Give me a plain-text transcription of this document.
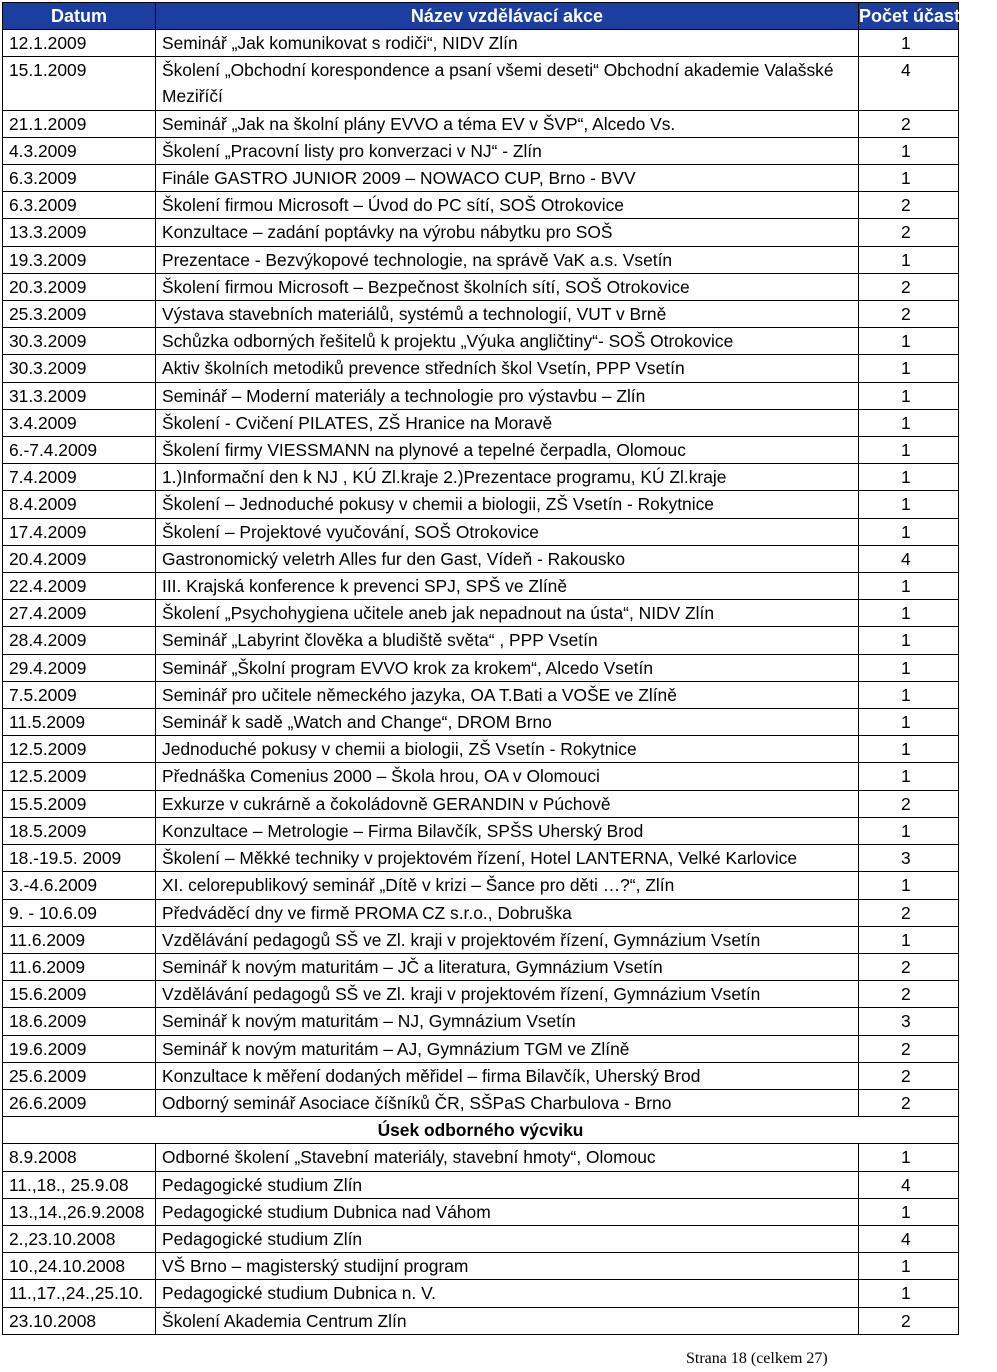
Datum	Název vzdělávací akce	Počet účastníků
12.1.2009	Seminář „Jak komunikovat s rodiči“, NIDV Zlín	1
15.1.2009	Školení „Obchodní korespondence a psaní všemi deseti“ Obchodní akademie Valašské Meziříčí	4
21.1.2009	Seminář „Jak na školní plány EVVO a téma EV v ŠVP“, Alcedo Vs.	2
4.3.2009	Školení „Pracovní listy pro konverzaci v NJ“ - Zlín	1
6.3.2009	Finále GASTRO JUNIOR 2009 – NOWACO CUP, Brno - BVV	1
6.3.2009	Školení firmou Microsoft – Úvod do PC sítí, SOŠ Otrokovice	2
13.3.2009	Konzultace – zadání poptávky na výrobu nábytku pro SOŠ	2
19.3.2009	Prezentace - Bezvýkopové technologie, na správě VaK a.s. Vsetín	1
20.3.2009	Školení firmou Microsoft – Bezpečnost školních sítí, SOŠ Otrokovice	2
25.3.2009	Výstava stavebních materiálů, systémů a technologií, VUT v Brně	2
30.3.2009	Schůzka odborných řešitelů k projektu „Výuka angličtiny“- SOŠ Otrokovice	1
30.3.2009	Aktiv školních metodiků prevence středních škol Vsetín, PPP Vsetín	1
31.3.2009	Seminář – Moderní materiály a technologie pro výstavbu – Zlín	1
3.4.2009	Školení - Cvičení PILATES, ZŠ Hranice na Moravě	1
6.-7.4.2009	Školení firmy VIESSMANN na plynové a tepelné čerpadla, Olomouc	1
7.4.2009	1.)Informační den k NJ , KÚ Zl.kraje 2.)Prezentace programu, KÚ Zl.kraje	1
8.4.2009	Školení – Jednoduché pokusy v chemii a biologii, ZŠ Vsetín - Rokytnice	1
17.4.2009	Školení – Projektové vyučování, SOŠ Otrokovice	1
20.4.2009	Gastronomický veletrh Alles fur den Gast, Vídeň - Rakousko	4
22.4.2009	III. Krajská konference k prevenci SPJ, SPŠ ve Zlíně	1
27.4.2009	Školení „Psychohygiena učitele aneb jak nepadnout na ústa“, NIDV Zlín	1
28.4.2009	Seminář „Labyrint člověka a bludiště světa“ , PPP Vsetín	1
29.4.2009	Seminář „Školní program EVVO krok za krokem“, Alcedo Vsetín	1
7.5.2009	Seminář pro učitele německého jazyka, OA T.Bati a VOŠE ve Zlíně	1
11.5.2009	Seminář k sadě „Watch and Change“, DROM Brno	1
12.5.2009	Jednoduché pokusy v chemii a biologii, ZŠ Vsetín - Rokytnice	1
12.5.2009	Přednáška Comenius 2000 – Škola hrou, OA v Olomouci	1
15.5.2009	Exkurze v cukrárně a čokoládovně GERANDIN v Púchově	2
18.5.2009	Konzultace – Metrologie – Firma Bilavčík, SPŠS Uherský Brod	1
18.-19.5. 2009	Školení – Měkké techniky v projektovém řízení, Hotel LANTERNA, Velké Karlovice	3
3.-4.6.2009	XI. celorepublikový seminář „Dítě v krizi – Šance pro děti …?“, Zlín	1
9. - 10.6.09	Předváděcí dny ve firmě PROMA CZ s.r.o., Dobruška	2
11.6.2009	Vzdělávání pedagogů SŠ ve Zl. kraji v projektovém řízení, Gymnázium Vsetín	1
11.6.2009	Seminář k novým maturitám – JČ a literatura, Gymnázium Vsetín	2
15.6.2009	Vzdělávání pedagogů SŠ ve Zl. kraji v projektovém řízení, Gymnázium Vsetín	2
18.6.2009	Seminář k novým maturitám – NJ, Gymnázium Vsetín	3
19.6.2009	Seminář k novým maturitám – AJ, Gymnázium TGM ve Zlíně	2
25.6.2009	Konzultace k měření dodaných měřidel – firma Bilavčík, Uherský Brod	2
26.6.2009	Odborný seminář Asociace číšníků ČR, SŠPaS Charbulova - Brno	2
Úsek odborného výcviku		
8.9.2008	Odborné školení „Stavební materiály, stavební hmoty“, Olomouc	1
11.,18., 25.9.08	Pedagogické studium Zlín	4
13.,14.,26.9.2008	Pedagogické studium Dubnica nad Váhom	1
2.,23.10.2008	Pedagogické studium Zlín	4
10.,24.10.2008	VŠ Brno – magisterský studijní program	1
11.,17.,24.,25.10.	Pedagogické studium Dubnica n. V.	1
23.10.2008	Školení Akademia Centrum Zlín	2
Strana 18 (celkem 27)
